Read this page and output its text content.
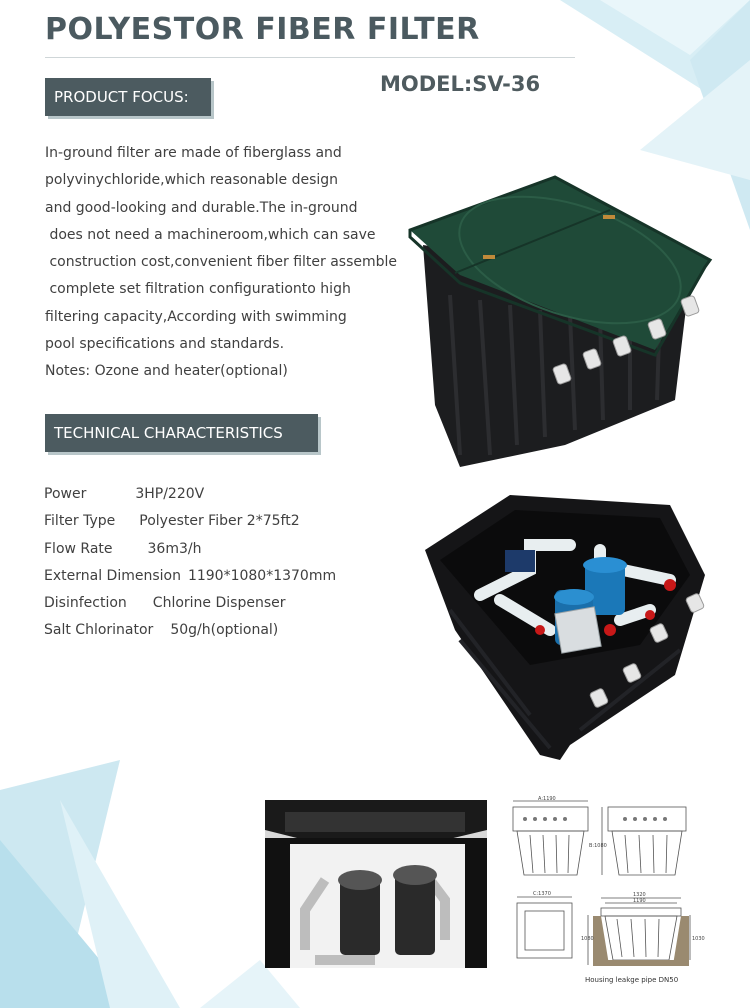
POLYESTOR FIBER FILTER
MODEL:SV-36
PRODUCT FOCUS:
In-ground filter are made of fiberglass and
polyvinychloride,which reasonable design
and good-looking and durable.The in-ground
does not need a machineroom,which can save
construction cost,convenient fiber filter assemble
complete set filtration configurationto high
filtering capacity,According with swimming
pool specifications and standards.
Notes: Ozone and heater(optional)
TECHNICAL CHARACTERISTICS
Power	3HP/220V
Filter Type Polyester Fiber 2*75ft2
Flow Rate	36m3/h
External Dimension 1190*1080*1370mm
Disinfection Chlorine Dispenser
Salt Chlorinator 50g/h(optional)
A:1190
B:1080
C:1370	1320
1190
1080	1030
Housing leakge pipe DN50
